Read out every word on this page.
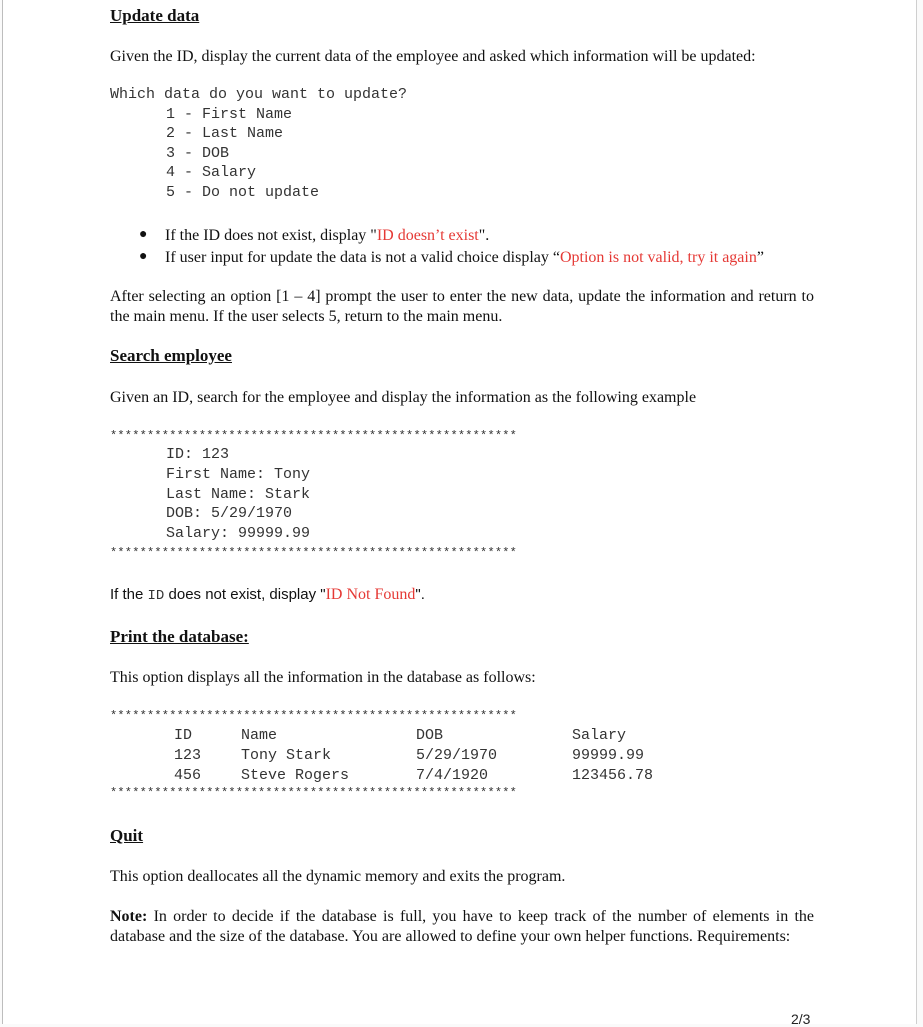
Update data
Given the ID, display the current data of the employee and asked which information will be updated:
Which data do you want to update?
1 - First Name
2 - Last Name
3 - DOB
4 - Salary
5 - Do not update
● If the ID does not exist, display "ID doesn’t exist".
● If user input for update the data is not a valid choice display “Option is not valid, try it again”
After selecting an option [1 – 4] prompt the user to enter the new data, update the information and return to the main menu. If the user selects 5, return to the main menu.
Search employee
Given an ID, search for the employee and display the information as the following example
*******************************************************
ID: 123
First Name: Tony
Last Name: Stark
DOB: 5/29/1970
Salary: 99999.99
*******************************************************
If the ID does not exist, display "ID Not Found".
Print the database:
This option displays all the information in the database as follows:
*******************************************************
ID	Name	DOB	Salary
123	Tony Stark	5/29/1970	99999.99
456	Steve Rogers	7/4/1920	123456.78
*******************************************************
Quit
This option deallocates all the dynamic memory and exits the program.
Note: In order to decide if the database is full, you have to keep track of the number of elements in the database and the size of the database. You are allowed to define your own helper functions. Requirements:
2/3
